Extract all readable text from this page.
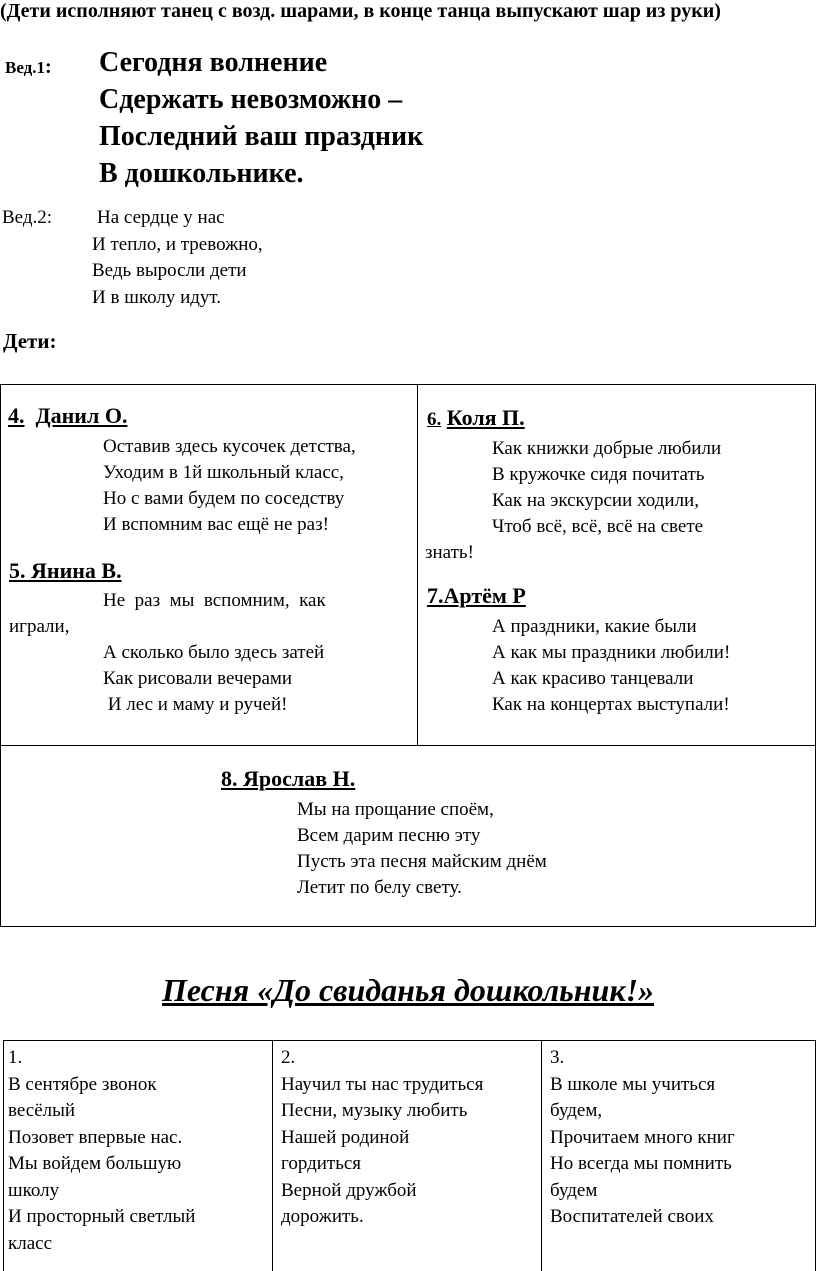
(Дети исполняют танец с возд. шарами, в конце танца выпускают шар из руки)
Вед.1: Сегодня волнение
Сдержать невозможно –
Последний ваш праздник
В дошкольнике.
Вед.2: На сердце у нас
И тепло, и тревожно,
Ведь выросли дети
И в школу идут.
Дети:
4. Данил О.
Оставив здесь кусочек детства,
Уходим в 1й школьный класс,
Но с вами будем по соседству
И вспомним вас ещё не раз!
5. Янина В.
Не  раз  мы  вспомним,  как
играли,
А сколько было здесь затей
Как рисовали вечерами
И лес и маму и ручей!
6. Коля П.
Как книжки добрые любили
В кружочке сидя почитать
Как на экскурсии ходили,
Чтоб всё, всё, всё на свете
знать!
7.Артём Р
А праздники, какие были
А как мы праздники любили!
А как красиво танцевали
Как на концертах выступали!
8. Ярослав Н.
Мы на прощание споём,
Всем дарим песню эту
Пусть эта песня майским днём
Летит по белу свету.
Песня «До свиданья дошкольник!»
1.
В сентябре звонок
весёлый
Позовет впервые нас.
Мы войдем большую
школу
И просторный светлый
класс
2.
Научил ты нас трудиться
Песни, музыку любить
Нашей родиной
гордиться
Верной дружбой
дорожить.
3.
В школе мы учиться
будем,
Прочитаем много книг
Но всегда мы помнить
будем
Воспитателей своих
